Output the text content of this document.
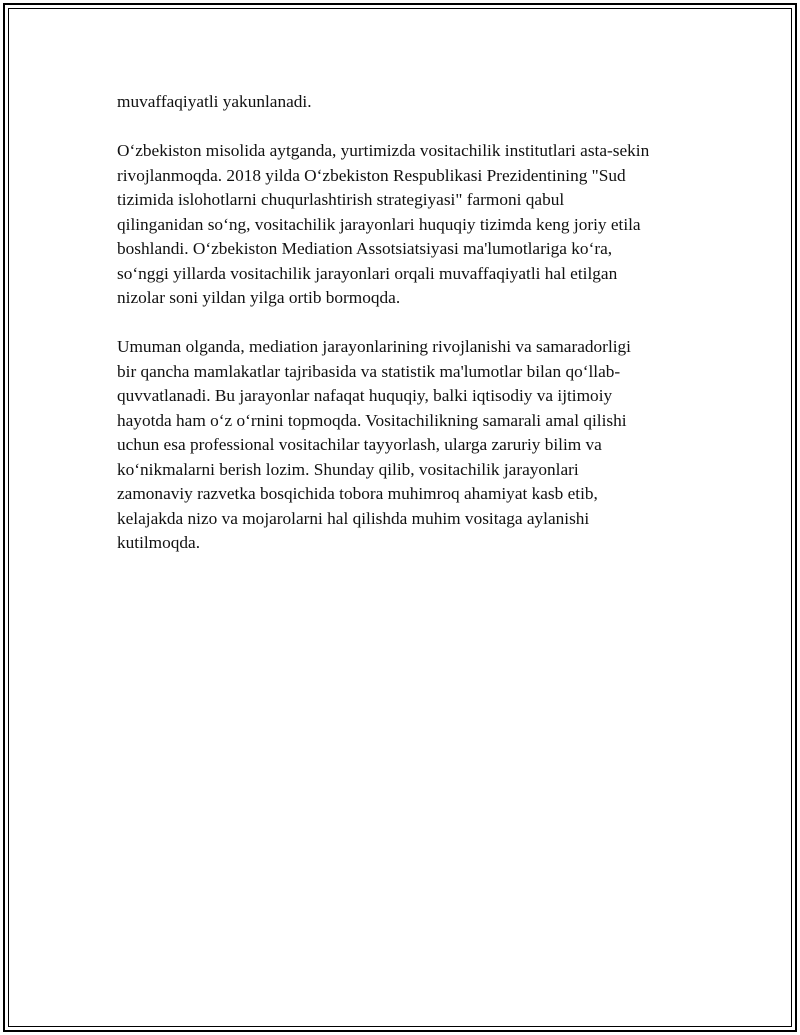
muvaffaqiyatli yakunlanadi.

O‘zbekiston misolida aytganda, yurtimizda vositachilik institutlari asta-sekin
rivojlanmoqda. 2018 yilda O‘zbekiston Respublikasi Prezidentining "Sud
tizimida islohotlarni chuqurlashtirish strategiyasi" farmoni qabul
qilinganidan so‘ng, vositachilik jarayonlari huquqiy tizimda keng joriy etila
boshlandi. O‘zbekiston Mediation Assotsiatsiyasi ma'lumotlariga ko‘ra,
so‘nggi yillarda vositachilik jarayonlari orqali muvaffaqiyatli hal etilgan
nizolar soni yildan yilga ortib bormoqda.

Umuman olganda, mediation jarayonlarining rivojlanishi va samaradorligi
bir qancha mamlakatlar tajribasida va statistik ma'lumotlar bilan qo‘llab-
quvvatlanadi. Bu jarayonlar nafaqat huquqiy, balki iqtisodiy va ijtimoiy
hayotda ham o‘z o‘rnini topmoqda. Vositachilikning samarali amal qilishi
uchun esa professional vositachilar tayyorlash, ularga zaruriy bilim va
ko‘nikmalarni berish lozim. Shunday qilib, vositachilik jarayonlari
zamonaviy razvetka bosqichida tobora muhimroq ahamiyat kasb etib,
kelajakda nizo va mojarolarni hal qilishda muhim vositaga aylanishi
kutilmoqda.
